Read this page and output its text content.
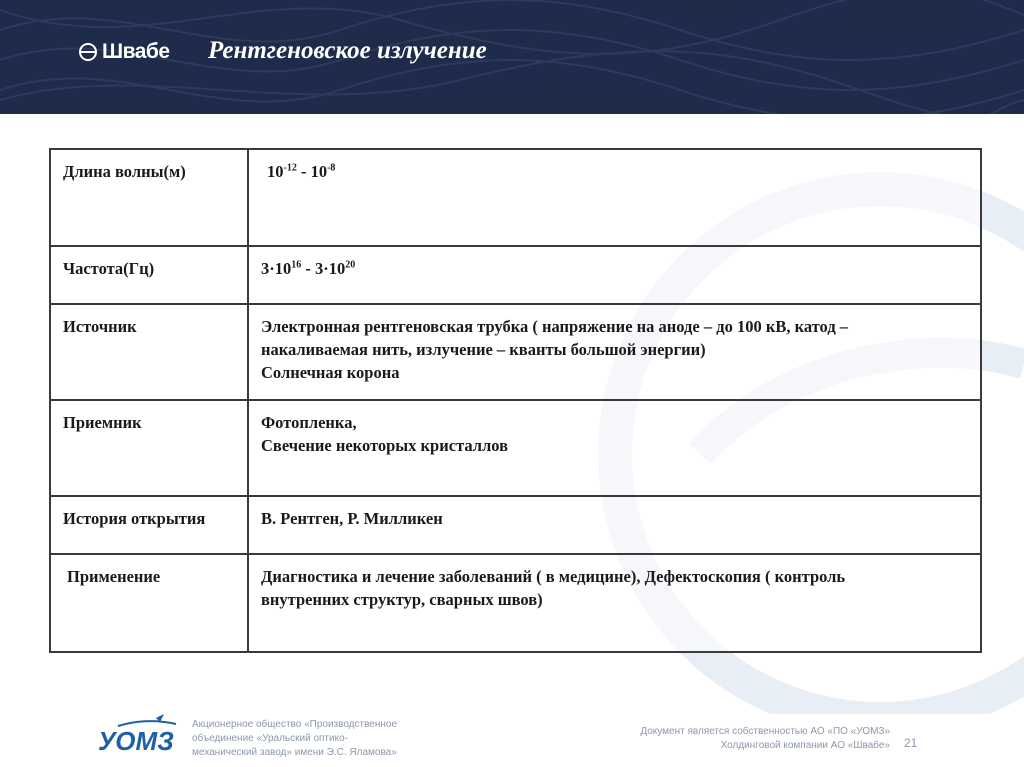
Швабе Рентгеновское излучение
Длина волны(м)	$10^{-12} - 10^{-8}$
Частота(Гц)	$3\cdot 10^{16} - 3\cdot 10^{20}$
Источник	Электронная рентгеновская трубка ( напряжение на аноде – до 100 кВ, катод –
накаливаемая нить, излучение – кванты большой энергии)
Солнечная корона

Приемник	Фотопленка,
Свечение некоторых кристаллов

История открытия	В. Рентген, Р. Милликен

Применение	Диагностика и лечение заболеваний ( в медицине), Дефектоскопия ( контроль
внутренних структур, сварных швов)
УОМЗ
Акционерное общество «Производственное
объединение «Уральский оптико-
механический завод» имени Э.С. Яламова»
Документ является собственностью АО «ПО «УОМЗ»
Холдинговой компании АО «Швабе» 21
